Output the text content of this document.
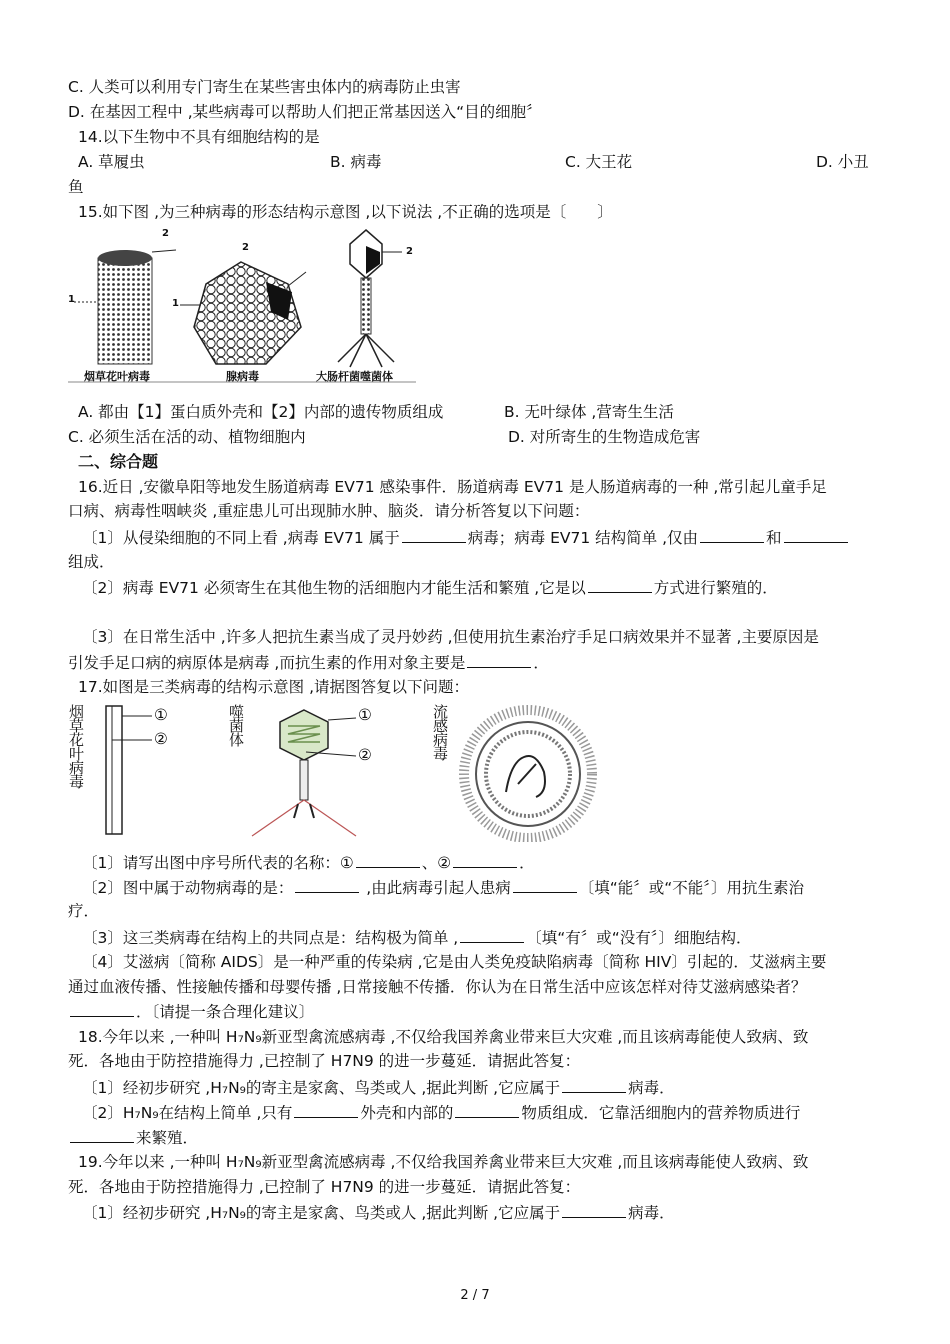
C. 人类可以利用专门寄生在某些害虫体内的病毒防止虫害
D. 在基因工程中 ,某些病毒可以帮助人们把正常基因送入“目的细胞〞
14.以下生物中不具有细胞结构的是
A. 草履虫	B. 病毒	C. 大王花	D. 小丑
鱼
15.如下图 ,为三种病毒的形态结构示意图 ,以下说法 ,不正确的选项是〔　　〕
2
1
2
1
2
烟草花叶病毒	腺病毒	大肠杆菌噬菌体
A. 都由【1】蛋白质外壳和【2】内部的遗传物质组成	B. 无叶绿体 ,营寄生生活
C. 必须生活在活的动、植物细胞内	D. 对所寄生的生物造成危害
二、综合题
16.近日 ,安徽阜阳等地发生肠道病毒 EV71 感染事件．肠道病毒 EV71 是人肠道病毒的一种 ,常引起儿童手足
口病、病毒性咽峡炎 ,重症患儿可出现肺水肿、脑炎．请分析答复以下问题：
〔1〕从侵染细胞的不同上看 ,病毒 EV71 属于	病毒；病毒 EV71 结构简单 ,仅由	和
组成．
〔2〕病毒 EV71 必须寄生在其他生物的活细胞内才能生活和繁殖 ,它是以	方式进行繁殖的．
〔3〕在日常生活中 ,许多人把抗生素当成了灵丹妙药 ,但使用抗生素治疗手足口病效果并不显著 ,主要原因是
引发手足口病的病原体是病毒 ,而抗生素的作用对象主要是	．
17.如图是三类病毒的结构示意图 ,请据图答复以下问题：
烟草花叶病毒	噬菌体	流感病毒
①
②
①
②
〔1〕请写出图中序号所代表的名称：①	、②	．
〔2〕图中属于动物病毒的是：	,由此病毒引起人患病	〔填“能〞或“不能〞〕用抗生素治
疗．
〔3〕这三类病毒在结构上的共同点是：结构极为简单 ,	〔填“有〞或“没有〞〕细胞结构．
〔4〕艾滋病〔简称 AIDS〕是一种严重的传染病 ,它是由人类免疫缺陷病毒〔简称 HIV〕引起的．艾滋病主要
通过血液传播、性接触传播和母婴传播 ,日常接触不传播．你认为在日常生活中应该怎样对待艾滋病感染者？
．〔请提一条合理化建议〕
18.今年以来 ,一种叫 H₇N₉新亚型禽流感病毒 ,不仅给我国养禽业带来巨大灾难 ,而且该病毒能使人致病、致
死．各地由于防控措施得力 ,已控制了 H7N9 的进一步蔓延．请据此答复：
〔1〕经初步研究 ,H₇N₉的寄主是家禽、鸟类或人 ,据此判断 ,它应属于	病毒．
〔2〕H₇N₉在结构上简单 ,只有	外壳和内部的	物质组成．它靠活细胞内的营养物质进行
来繁殖．
19.今年以来 ,一种叫 H₇N₉新亚型禽流感病毒 ,不仅给我国养禽业带来巨大灾难 ,而且该病毒能使人致病、致
死．各地由于防控措施得力 ,已控制了 H7N9 的进一步蔓延．请据此答复：
〔1〕经初步研究 ,H₇N₉的寄主是家禽、鸟类或人 ,据此判断 ,它应属于	病毒．
2 / 7
